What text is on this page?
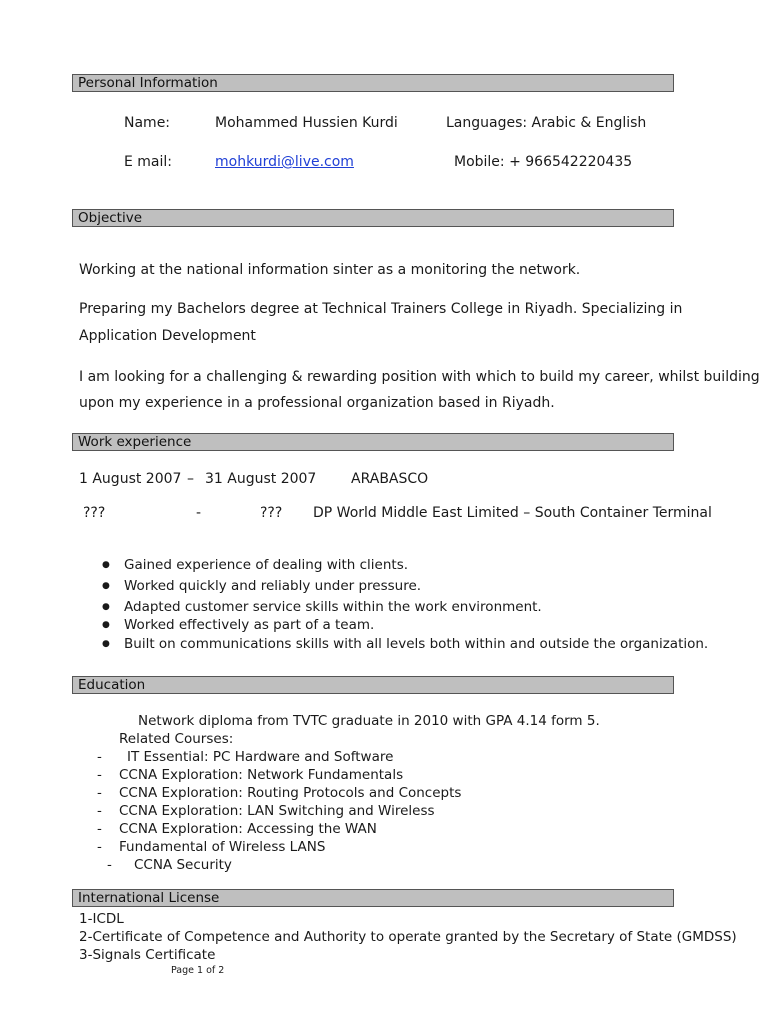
Personal Information
Name:	Mohammed Hussien Kurdi	Languages: Arabic & English
E mail:	mohkurdi@live.com	Mobile: + 966542220435
Objective
Working at the national information sinter as a monitoring the network.
Preparing my Bachelors degree at Technical Trainers College in Riyadh. Specializing in
Application Development
I am looking for a challenging & rewarding position with which to build my career, whilst building
upon my experience in a professional organization based in Riyadh.
Work experience
1 August 2007 – 31 August 2007 ARABASCO
???	-	??? DP World Middle East Limited – South Container Terminal
● Gained experience of dealing with clients.
● Worked quickly and reliably under pressure.
● Adapted customer service skills within the work environment.
● Worked effectively as part of a team.
● Built on communications skills with all levels both within and outside the organization.
Education
Network diploma from TVTC graduate in 2010 with GPA 4.14 form 5.
Related Courses:
- IT Essential: PC Hardware and Software
- CCNA Exploration: Network Fundamentals
- CCNA Exploration: Routing Protocols and Concepts
- CCNA Exploration: LAN Switching and Wireless
- CCNA Exploration: Accessing the WAN
- Fundamental of Wireless LANS
- CCNA Security
International License
1-ICDL
2-Certificate of Competence and Authority to operate granted by the Secretary of State (GMDSS)
3-Signals Certificate
Page 1 of 2
